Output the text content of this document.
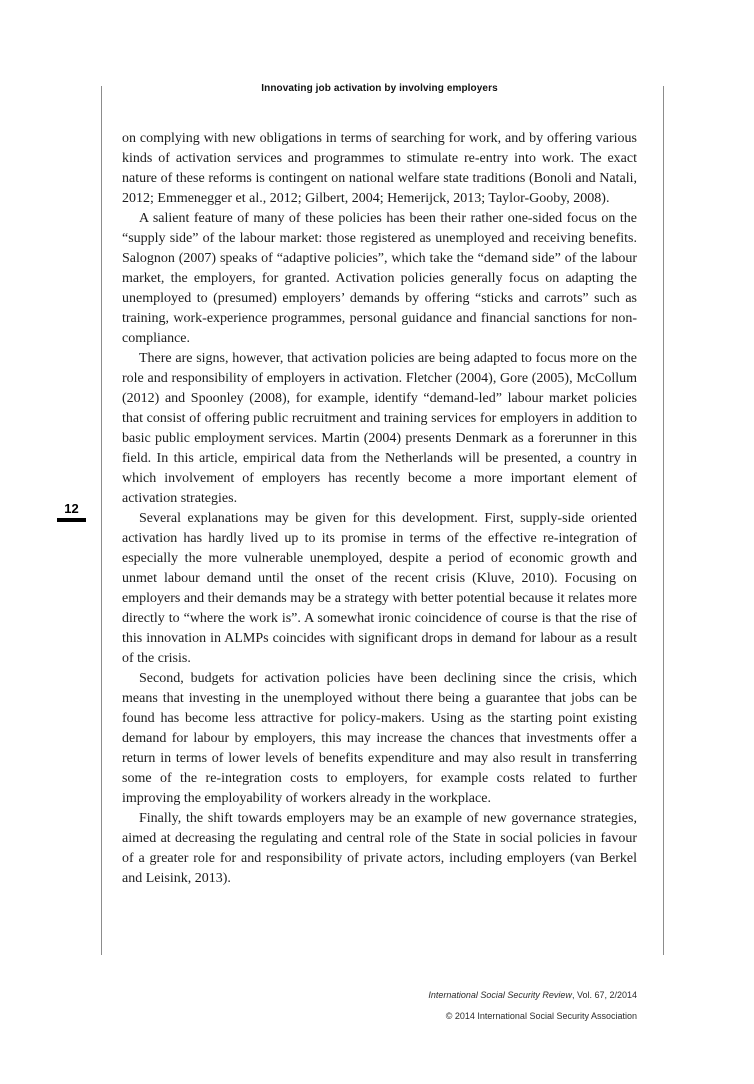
Innovating job activation by involving employers
12

on complying with new obligations in terms of searching for work, and by offering various kinds of activation services and programmes to stimulate re-entry into work. The exact nature of these reforms is contingent on national welfare state traditions (Bonoli and Natali, 2012; Emmenegger et al., 2012; Gilbert, 2004; Hemerijck, 2013; Taylor-Gooby, 2008).

A salient feature of many of these policies has been their rather one-sided focus on the “supply side” of the labour market: those registered as unemployed and receiving benefits. Salognon (2007) speaks of “adaptive policies”, which take the “demand side” of the labour market, the employers, for granted. Activation policies generally focus on adapting the unemployed to (presumed) employers’ demands by offering “sticks and carrots” such as training, work-experience programmes, personal guidance and financial sanctions for non-compliance.

There are signs, however, that activation policies are being adapted to focus more on the role and responsibility of employers in activation. Fletcher (2004), Gore (2005), McCollum (2012) and Spoonley (2008), for example, identify “demand-led” labour market policies that consist of offering public recruitment and training services for employers in addition to basic public employment services. Martin (2004) presents Denmark as a forerunner in this field. In this article, empirical data from the Netherlands will be presented, a country in which involvement of employers has recently become a more important element of activation strategies.

Several explanations may be given for this development. First, supply-side oriented activation has hardly lived up to its promise in terms of the effective re-integration of especially the more vulnerable unemployed, despite a period of economic growth and unmet labour demand until the onset of the recent crisis (Kluve, 2010). Focusing on employers and their demands may be a strategy with better potential because it relates more directly to “where the work is”. A somewhat ironic coincidence of course is that the rise of this innovation in ALMPs coincides with significant drops in demand for labour as a result of the crisis.

Second, budgets for activation policies have been declining since the crisis, which means that investing in the unemployed without there being a guarantee that jobs can be found has become less attractive for policy-makers. Using as the starting point existing demand for labour by employers, this may increase the chances that investments offer a return in terms of lower levels of benefits expenditure and may also result in transferring some of the re-integration costs to employers, for example costs related to further improving the employability of workers already in the workplace.

Finally, the shift towards employers may be an example of new governance strategies, aimed at decreasing the regulating and central role of the State in social policies in favour of a greater role for and responsibility of private actors, including employers (van Berkel and Leisink, 2013).

International Social Security Review, Vol. 67, 2/2014
© 2014 International Social Security Association
